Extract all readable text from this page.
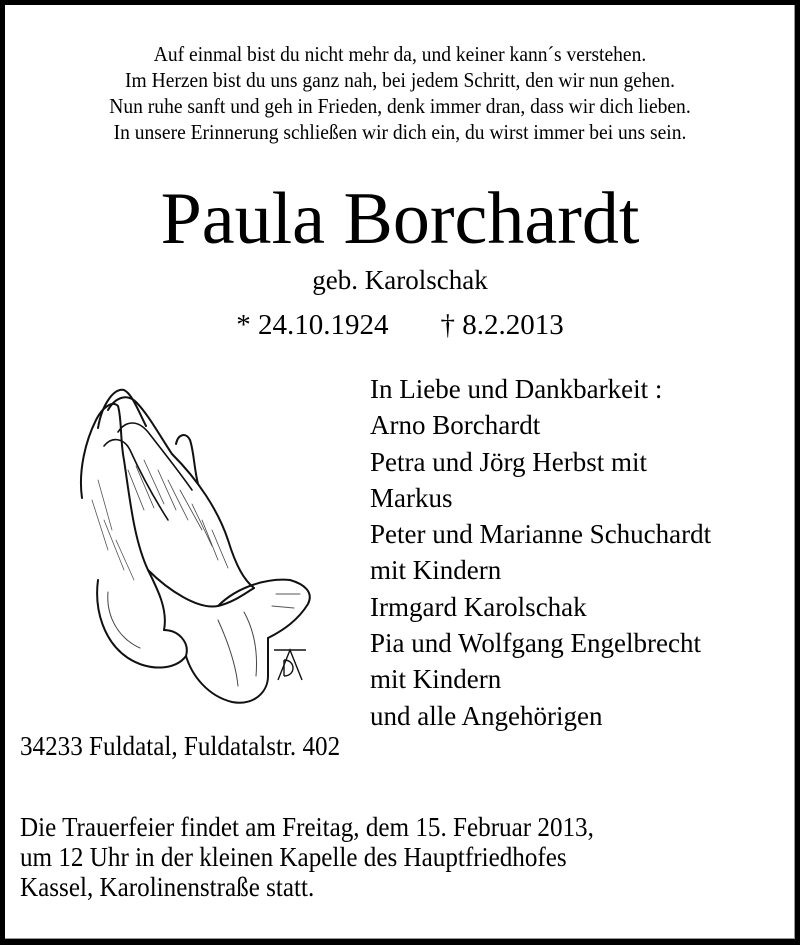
Auf einmal bist du nicht mehr da, und keiner kann´s verstehen.
Im Herzen bist du uns ganz nah, bei jedem Schritt, den wir nun gehen.
Nun ruhe sanft und geh in Frieden, denk immer dran, dass wir dich lieben.
In unsere Erinnerung schließen wir dich ein, du wirst immer bei uns sein.
Paula Borchardt
geb. Karolschak
* 24.10.1924 † 8.2.2013
In Liebe und Dankbarkeit :
Arno Borchardt
Petra und Jörg Herbst mit
Markus
Peter und Marianne Schuchardt
mit Kindern
Irmgard Karolschak
Pia und Wolfgang Engelbrecht
mit Kindern
und alle Angehörigen
34233 Fuldatal, Fuldatalstr. 402
Die Trauerfeier findet am Freitag, dem 15. Februar 2013,
um 12 Uhr in der kleinen Kapelle des Hauptfriedhofes
Kassel, Karolinenstraße statt.
